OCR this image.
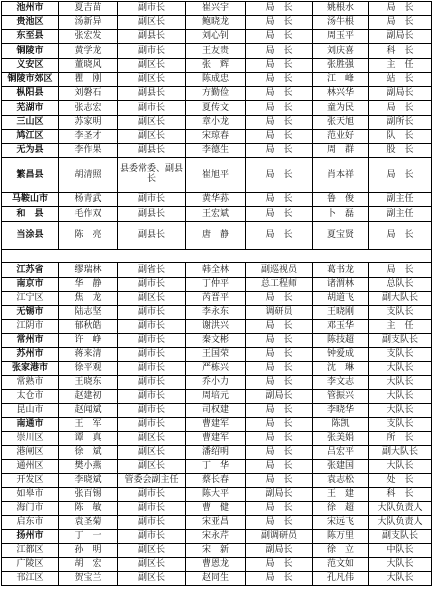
池州市	夏吉苗	副市长	崔兴宇	局　长	姚根水	局　长
贵池区	汤新异	副区长	鲍晓龙	局　长	汤牛根	局　长
东至县	张宏发	副县长	刘心钊	局　长	周玉平	副局长
铜陵市	黄学龙	副市长	王友贵	局　长	刘庆喜	科　长
义安区	董晓风	副区长	张　辉	局　长	张胜强	主　任
铜陵市郊区	瞿　刚	副区长	陈成忠	局　长	江　峰	站　长
枞阳县	刘磐石	副县长	方勤俭	局　长	林兴华	副局长
芜湖市	张志宏	副市长	夏传文	局　长	童为民	局　长
三山区	苏家明	副区长	章小龙	局　长	张天旭	副所长
鸠江区	李圣才	副区长	宋琼春	局　长	范业好	队　长
无为县	李作果	副县长	李德生	局　长	周　群	股　长
繁昌县	胡清照	县委常委、副县长	崔旭平	局　长	肖本祥	局　长
马鞍山市	杨青武	副市长	黄华荪	局　长	鲁　俊	副主任
和　县	毛作双	副县长	王宏斌	局　长	卜　磊	副主任
当涂县	陈　亮	副县长	唐　静	局　长	夏宝贤	局　长

江苏省	缪瑞林	副省长	韩全林	副巡视员	葛书龙	局　长
南京市	华　静	副市长	丁仲平	总工程师	诸渭林	总队长
江宁区	焦　龙	副区长	芮晋平	局　长	胡道飞	副大队长
无锡市	陆志坚	副市长	李永东	调研员	王晓刚	支队长
江阴市	郁秋皓	副市长	谢洪兴	局　长	邓玉华	主　任
常州市	许　峥	副市长	秦文彬	局　长	陈技超	副支队长
苏州市	蒋来清	副市长	王国荣	局　长	钟爱成	支队长
张家港市	徐平观	副市长	严栋兴	局　长	沈　琳	大队长
常熟市	王晓东	副市长	乔小力	局　长	李文志	大队长
太仓市	赵建初	副市长	周培元	副局长	管振兴	大队长
昆山市	赵闻斌	副市长	司权建	局　长	李晓华	大队长
南通市	王　军	副市长	曹建军	局　长	陈凯	支队长
崇川区	谭　真	副区长	曹建军	局　长	张美娟	所　长
港闸区	徐　斌	副区长	潘绍明	局　长	吕宏平	副大队长
通州区	樊小燕	副区长	丁　华	局　长	张建国	大队长
开发区	李晓斌	管委会副主任	蔡长春	局　长	袁志松	处　长
如皋市	张百锡	副市长	陈大平	副局长	王　建	科　长
海门市	陈　敏	副市长	曹　健	局　长	徐　超	大队负责人
启东市	袁圣菊	副市长	宋亚昌	局　长	宋远飞	大队负责人
扬州市	丁　一	副市长	宋永芹	副调研员	陈万里	副支队长
江都区	孙　明	副区长	宋　新	副局长	徐　立	中队长
广陵区	胡　宏	副区长	曹恩龙	局　长	范文如	大队长
邗江区	贺宝兰	副区长	赵同生	局　长	孔凡伟	大队长
